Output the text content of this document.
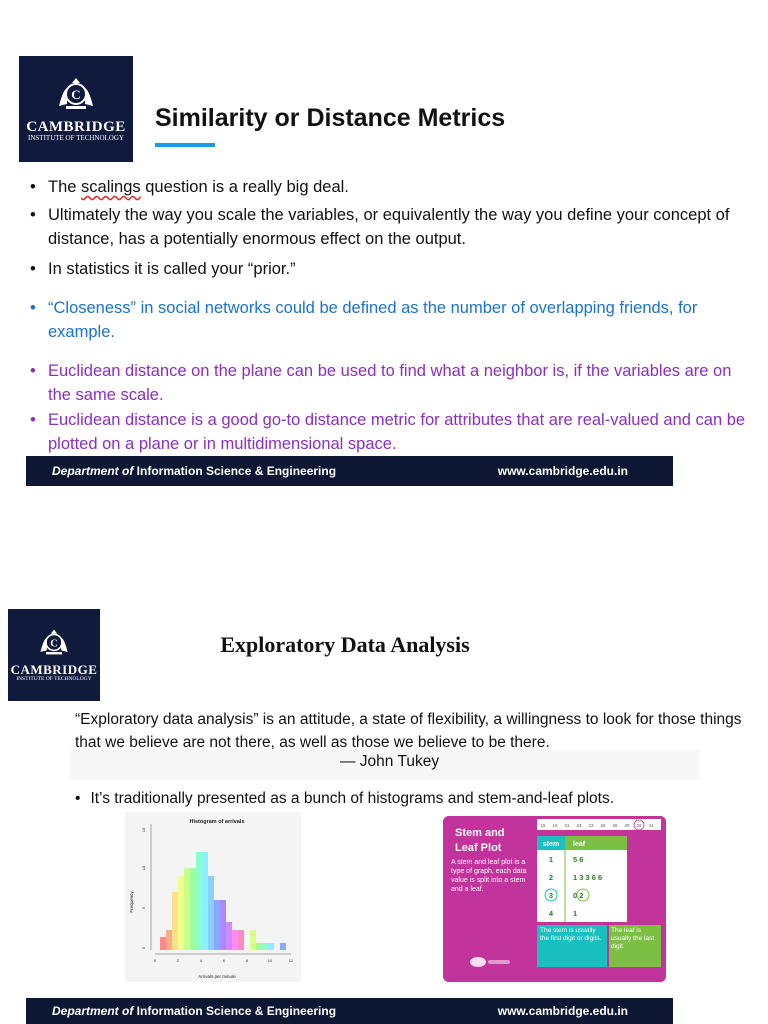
C
CAMBRIDGE
INSTITUTE OF TECHNOLOGY
Similarity or Distance Metrics
• The scalings question is a really big deal.
• Ultimately the way you scale the variables, or equivalently the way you define your concept of distance, has a potentially enormous effect on the output.
• In statistics it is called your “prior.”
• “Closeness” in social networks could be defined as the number of overlapping friends, for example.
• Euclidean distance on the plane can be used to find what a neighbor is, if the variables are on the same scale.
• Euclidean distance is a good go-to distance metric for attributes that are real-valued and can be plotted on a plane or in multidimensional space.
Department of Information Science & Engineering	www.cambridge.edu.in
C
CAMBRIDGE
INSTITUTE OF TECHNOLOGY
Exploratory Data Analysis

“Exploratory data analysis” is an attitude, a state of flexibility, a willingness to look for those things that we believe are not there, as well as those we believe to be there.

— John Tukey

• It’s traditionally presented as a bunch of histograms and stem-and-leaf plots.

Histogram of arrivals
Frequency
Arrivals per minute
0
5
10
15
0	2	4	6	8	10	12
Stem and
Leaf Plot
15 16 21 23 23 26 26 30 32 41
A stem and leaf plot is a type of graph, each data value is split into a stem and a leaf.
stem leaf
1	5 6
2	1 3 3 6 6
3	0 2
4	1
The stem is usually the first digit or digits.
The leaf is usually the last digit
Department of Information Science & Engineering	www.cambridge.edu.in
